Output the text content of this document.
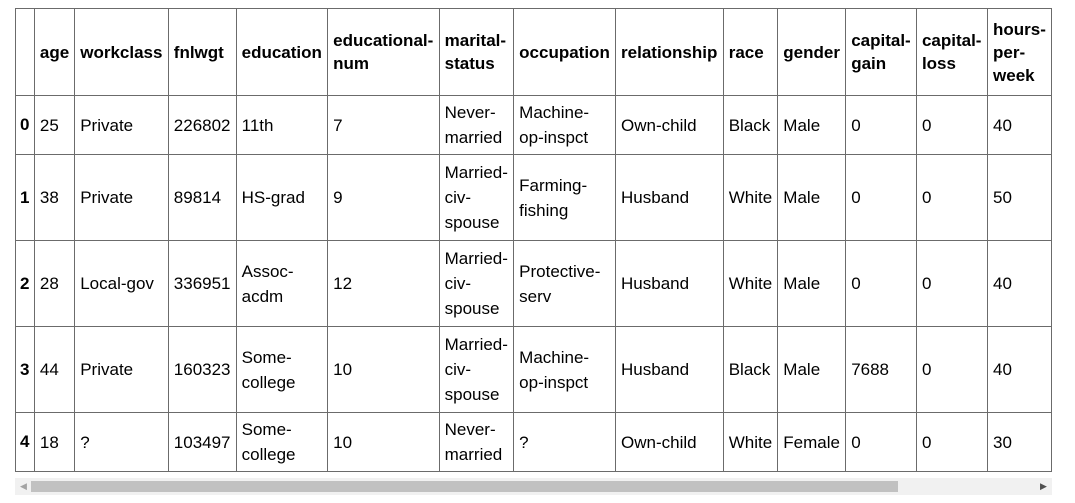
	age	workclass	fnlwgt	education	educational-num	marital-status	occupation	relationship	race	gender	capital-gain	capital-loss	hours-per-week
0	25	Private	226802	11th	7	Never-married	Machine-op-inspct	Own-child	Black	Male	0	0	40
1	38	Private	89814	HS-grad	9	Married-civ-spouse	Farming-fishing	Husband	White	Male	0	0	50
2	28	Local-gov	336951	Assoc-acdm	12	Married-civ-spouse	Protective-serv	Husband	White	Male	0	0	40
3	44	Private	160323	Some-college	10	Married-civ-spouse	Machine-op-inspct	Husband	Black	Male	7688	0	40
4	18	?	103497	Some-college	10	Never-married	?	Own-child	White	Female	0	0	30
◀	▶
